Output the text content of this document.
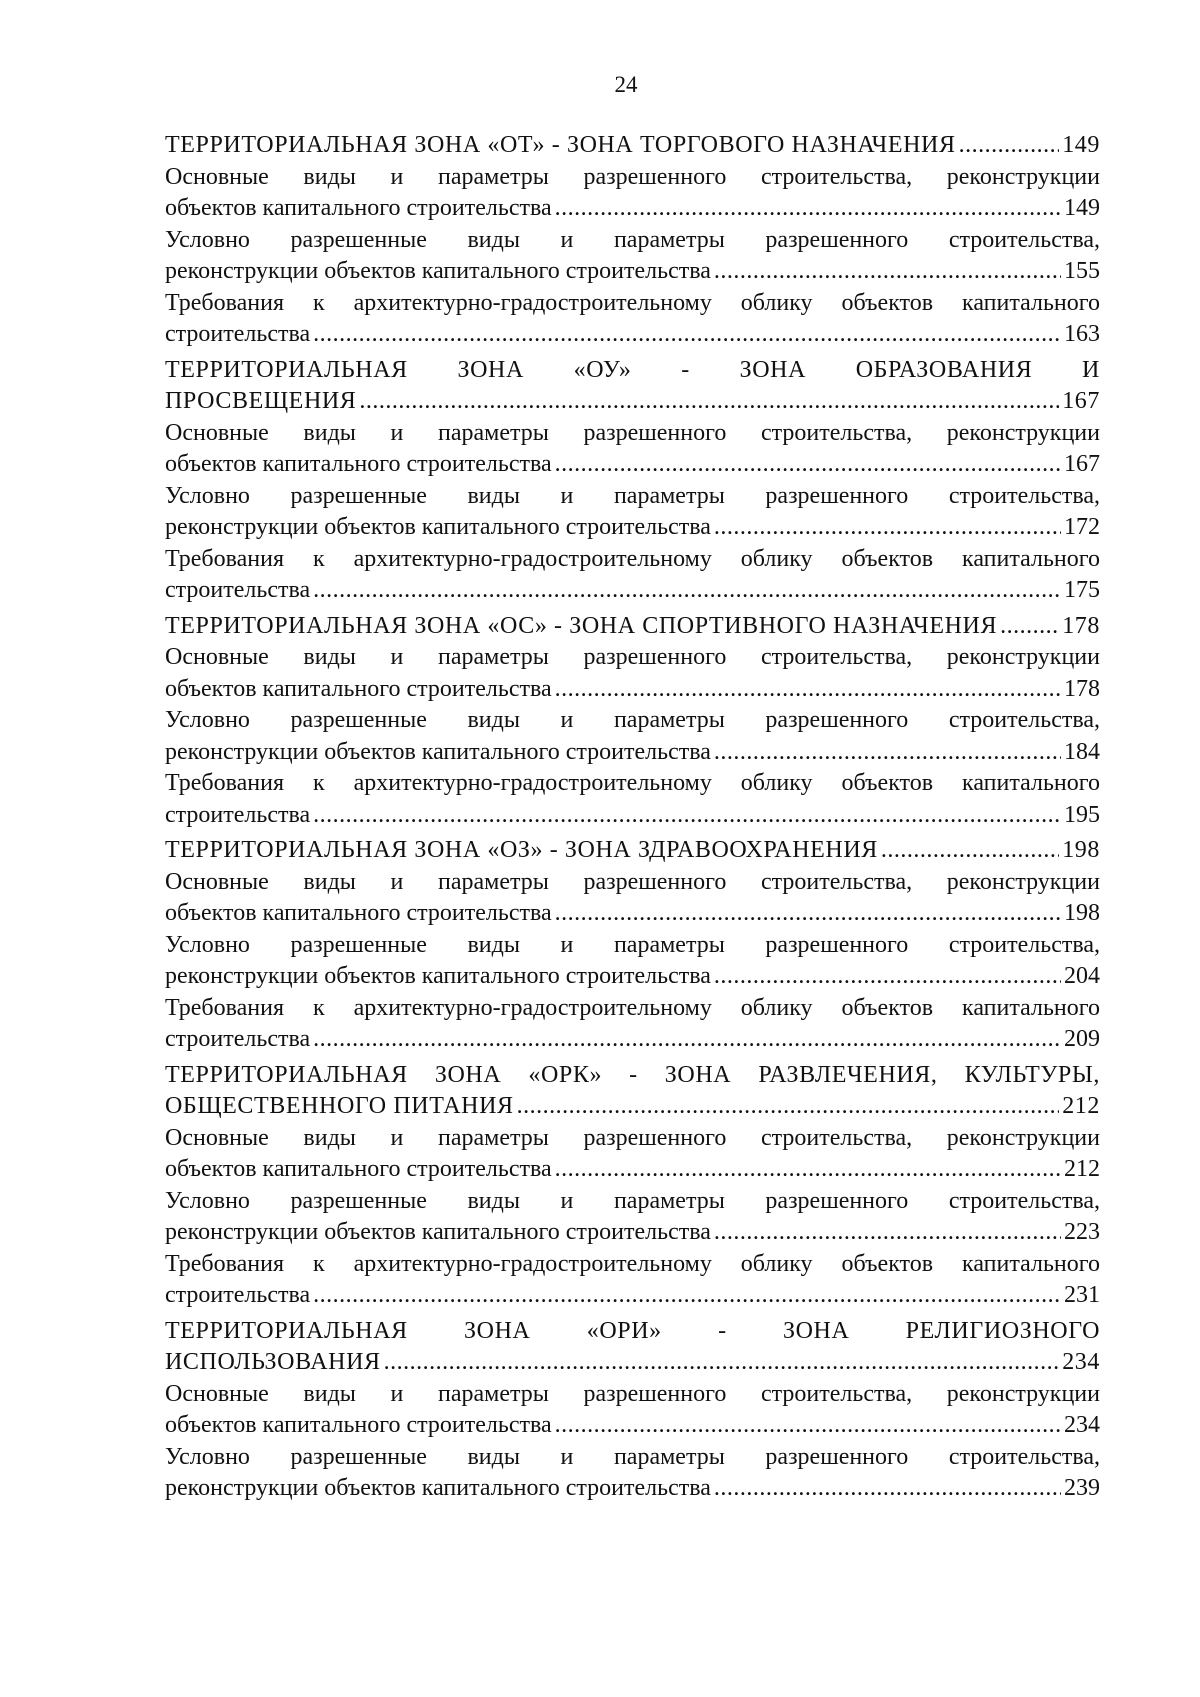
24
ТЕРРИТОРИАЛЬНАЯ ЗОНА «ОТ» - ЗОНА ТОРГОВОГО НАЗНАЧЕНИЯ .....	149
Основные виды и параметры разрешенного строительства, реконструкции
объектов капитального строительства .....	149
Условно разрешенные виды и параметры разрешенного строительства,
реконструкции объектов капитального строительства .....	155
Требования к архитектурно-градостроительному облику объектов капитального
строительства .....	163
ТЕРРИТОРИАЛЬНАЯ ЗОНА «ОУ» - ЗОНА ОБРАЗОВАНИЯ И
ПРОСВЕЩЕНИЯ .....	167
Основные виды и параметры разрешенного строительства, реконструкции
объектов капитального строительства .....	167
Условно разрешенные виды и параметры разрешенного строительства,
реконструкции объектов капитального строительства .....	172
Требования к архитектурно-градостроительному облику объектов капитального
строительства .....	175
ТЕРРИТОРИАЛЬНАЯ ЗОНА «ОС» - ЗОНА СПОРТИВНОГО НАЗНАЧЕНИЯ .....	178
Основные виды и параметры разрешенного строительства, реконструкции
объектов капитального строительства .....	178
Условно разрешенные виды и параметры разрешенного строительства,
реконструкции объектов капитального строительства .....	184
Требования к архитектурно-градостроительному облику объектов капитального
строительства .....	195
ТЕРРИТОРИАЛЬНАЯ ЗОНА «ОЗ» - ЗОНА ЗДРАВООХРАНЕНИЯ .....	198
Основные виды и параметры разрешенного строительства, реконструкции
объектов капитального строительства .....	198
Условно разрешенные виды и параметры разрешенного строительства,
реконструкции объектов капитального строительства .....	204
Требования к архитектурно-градостроительному облику объектов капитального
строительства .....	209
ТЕРРИТОРИАЛЬНАЯ ЗОНА «ОРК» - ЗОНА РАЗВЛЕЧЕНИЯ, КУЛЬТУРЫ,
ОБЩЕСТВЕННОГО ПИТАНИЯ .....	212
Основные виды и параметры разрешенного строительства, реконструкции
объектов капитального строительства .....	212
Условно разрешенные виды и параметры разрешенного строительства,
реконструкции объектов капитального строительства .....	223
Требования к архитектурно-градостроительному облику объектов капитального
строительства .....	231
ТЕРРИТОРИАЛЬНАЯ ЗОНА «ОРИ» - ЗОНА РЕЛИГИОЗНОГО
ИСПОЛЬЗОВАНИЯ .....	234
Основные виды и параметры разрешенного строительства, реконструкции
объектов капитального строительства .....	234
Условно разрешенные виды и параметры разрешенного строительства,
реконструкции объектов капитального строительства .....	239
